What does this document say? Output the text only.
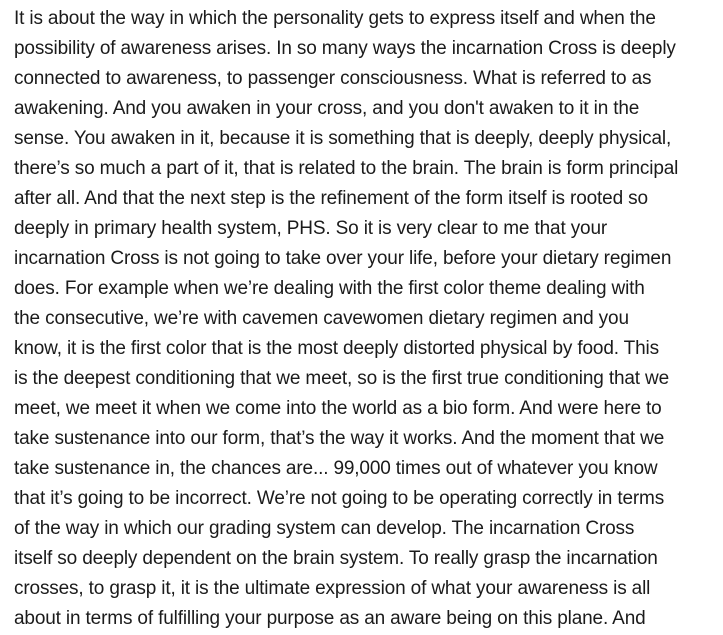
It is about the way in which the personality gets to express itself and when the
possibility of awareness arises. In so many ways the incarnation Cross is deeply
connected to awareness, to passenger consciousness. What is referred to as
awakening. And you awaken in your cross, and you don't awaken to it in the
sense. You awaken in it, because it is something that is deeply, deeply physical,
there’s so much a part of it, that is related to the brain. The brain is form principal
after all. And that the next step is the refinement of the form itself is rooted so
deeply in primary health system, PHS. So it is very clear to me that your
incarnation Cross is not going to take over your life, before your dietary regimen
does. For example when we’re dealing with the first color theme dealing with
the consecutive, we’re with cavemen cavewomen dietary regimen and you
know, it is the first color that is the most deeply distorted physical by food. This
is the deepest conditioning that we meet, so is the first true conditioning that we
meet, we meet it when we come into the world as a bio form. And were here to
take sustenance into our form, that’s the way it works. And the moment that we
take sustenance in, the chances are... 99,000 times out of whatever you know
that it’s going to be incorrect. We’re not going to be operating correctly in terms
of the way in which our grading system can develop. The incarnation Cross
itself so deeply dependent on the brain system. To really grasp the incarnation
crosses, to grasp it, it is the ultimate expression of what your awareness is all
about in terms of fulfilling your purpose as an aware being on this plane. And
